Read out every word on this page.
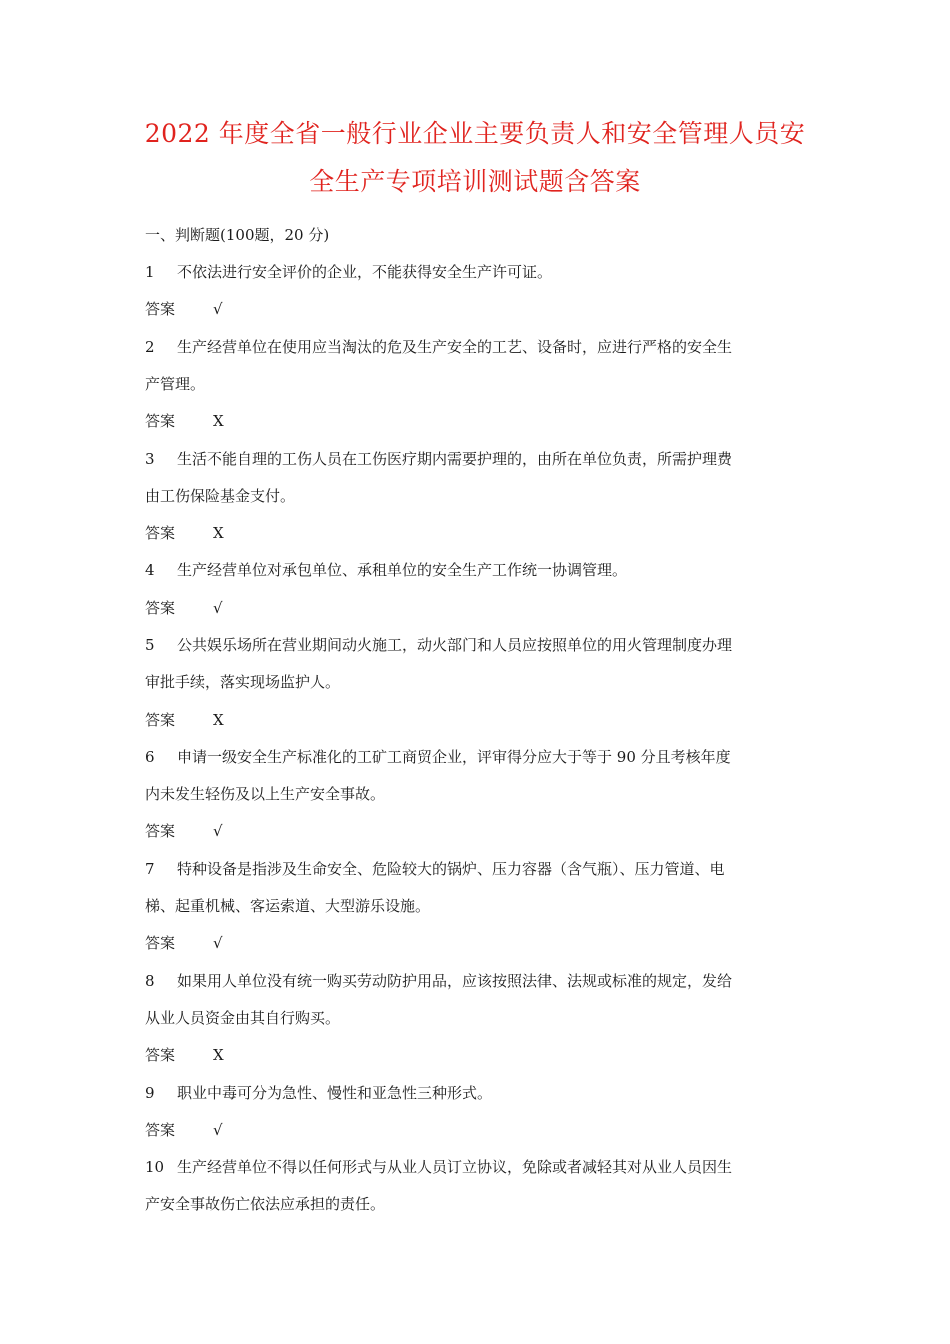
2022 年度全省一般行业企业主要负责人和安全管理人员安
全生产专项培训测试题含答案
一、判断题(100题，20 分)
1 不依法进行安全评价的企业，不能获得安全生产许可证。
答案	√
2 生产经营单位在使用应当淘汰的危及生产安全的工艺、设备时，应进行严格的安全生
产管理。
答案	X
3 生活不能自理的工伤人员在工伤医疗期内需要护理的，由所在单位负责，所需护理费
由工伤保险基金支付。
答案	X
4 生产经营单位对承包单位、承租单位的安全生产工作统一协调管理。
答案	√
5 公共娱乐场所在营业期间动火施工，动火部门和人员应按照单位的用火管理制度办理
审批手续，落实现场监护人。
答案	X
6 申请一级安全生产标准化的工矿工商贸企业，评审得分应大于等于 90 分且考核年度
内未发生轻伤及以上生产安全事故。
答案	√
7 特种设备是指涉及生命安全、危险较大的锅炉、压力容器（含气瓶）、压力管道、电
梯、起重机械、客运索道、大型游乐设施。
答案	√
8 如果用人单位没有统一购买劳动防护用品，应该按照法律、法规或标准的规定，发给
从业人员资金由其自行购买。
答案	X
9 职业中毒可分为急性、慢性和亚急性三种形式。
答案	√
10 生产经营单位不得以任何形式与从业人员订立协议，免除或者减轻其对从业人员因生
产安全事故伤亡依法应承担的责任。
